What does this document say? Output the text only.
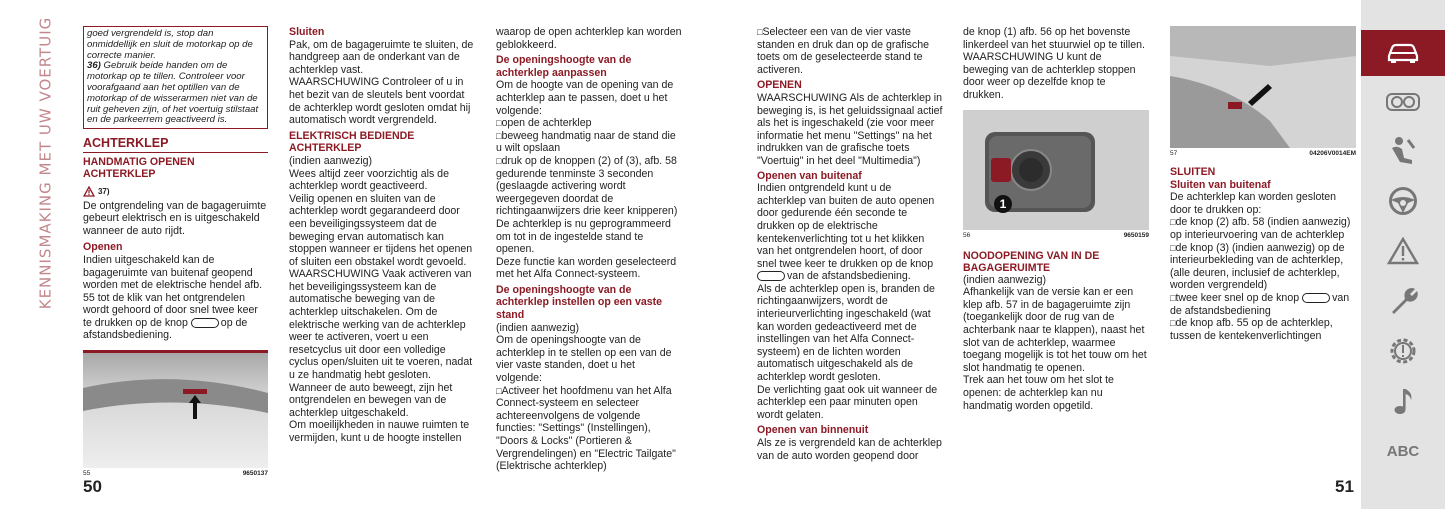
KENNISMAKING MET UW VOERTUIG	goed vergrendeld is, stop dan onmiddellijk en sluit de motorkap op de correcte manier.
36) Gebruik beide handen om de motorkap op te tillen. Controleer voor voorafgaand aan het optillen van de motorkap of de wisserarmen niet van de ruit geheven zijn, of het voertuig stilstaat en de parkeerrem geactiveerd is.
ACHTERKLEP
HANDMATIG OPENEN ACHTERKLEP
37)
De ontgrendeling van de bagageruimte gebeurt elektrisch en is uitgeschakeld wanneer de auto rijdt.
Openen
Indien uitgeschakeld kan de bagageruimte van buitenaf geopend worden met de elektrische hendel afb. 55 tot de klik van het ontgrendelen wordt gehoord of door snel twee keer te drukken op de knop	op de afstandsbediening.
55	9650137
Sluiten
Pak, om de bagageruimte te sluiten, de handgreep aan de onderkant van de achterklep vast.
WAARSCHUWING Controleer of u in het bezit van de sleutels bent voordat de achterklep wordt gesloten omdat hij automatisch wordt vergrendeld.
ELEKTRISCH BEDIENDE ACHTERKLEP
(indien aanwezig)
Wees altijd zeer voorzichtig als de achterklep wordt geactiveerd.
Veilig openen en sluiten van de achterklep wordt gegarandeerd door een beveiligingssysteem dat de beweging ervan automatisch kan stoppen wanneer er tijdens het openen of sluiten een obstakel wordt gevoeld.
WAARSCHUWING Vaak activeren van het beveiligingssysteem kan de automatische beweging van de achterklep uitschakelen. Om de elektrische werking van de achterklep weer te activeren, voert u een resetcyclus uit door een volledige cyclus open/sluiten uit te voeren, nadat u ze handmatig hebt gesloten.
Wanneer de auto beweegt, zijn het ontgrendelen en bewegen van de achterklep uitgeschakeld.
Om moeilijkheden in nauwe ruimten te vermijden, kunt u de hoogte instellen
waarop de open achterklep kan worden geblokkeerd.
De openingshoogte van de achterklep aanpassen
Om de hoogte van de opening van de achterklep aan te passen, doet u het volgende:
□ open de achterklep
□ beweeg handmatig naar de stand die u wilt opslaan
□ druk op de knoppen (2) of (3), afb. 58 gedurende tenminste 3 seconden (geslaagde activering wordt weergegeven doordat de richtingaanwijzers drie keer knipperen)
De achterklep is nu geprogrammeerd om tot in de ingestelde stand te openen.
Deze functie kan worden geselecteerd met het Alfa Connect-systeem.
De openingshoogte van de achterklep instellen op een vaste stand
(indien aanwezig)
Om de openingshoogte van de achterklep in te stellen op een van de vier vaste standen, doet u het volgende:
□ Activeer het hoofdmenu van het Alfa Connect-systeem en selecteer achtereenvolgens de volgende functies: "Settings" (Instellingen), "Doors & Locks" (Portieren & Vergrendelingen) en "Electric Tailgate" (Elektrische achterklep)
□ Selecteer een van de vier vaste standen en druk dan op de grafische toets om de geselecteerde stand te activeren.
OPENEN
WAARSCHUWING Als de achterklep in beweging is, is het geluidssignaal actief als het is ingeschakeld (zie voor meer informatie het menu "Settings" na het indrukken van de grafische toets "Voertuig" in het deel "Multimedia")
Openen van buitenaf
Indien ontgrendeld kunt u de achterklep van buiten de auto openen door gedurende één seconde te drukken op de elektrische kentekenverlichting tot u het klikken van het ontgrendelen hoort, of door snel twee keer te drukken op de knop van de afstandsbediening.
Als de achterklep open is, branden de richtingaanwijzers, wordt de interieurverlichting ingeschakeld (wat kan worden gedeactiveerd met de instellingen van het Alfa Connect-systeem) en de lichten worden automatisch uitgeschakeld als de achterklep wordt gesloten.
De verlichting gaat ook uit wanneer de achterklep een paar minuten open wordt gelaten.
Openen van binnenuit
Als ze is vergrendeld kan de achterklep van de auto worden geopend door
de knop (1) afb. 56 op het bovenste linkerdeel van het stuurwiel op te tillen.
WAARSCHUWING U kunt de beweging van de achterklep stoppen door weer op dezelfde knop te drukken.
1
56	9650159
NOODOPENING VAN IN DE BAGAGERUIMTE
(indien aanwezig)
Afhankelijk van de versie kan er een klep afb. 57 in de bagageruimte zijn (toegankelijk door de rug van de achterbank naar te klappen), naast het slot van de achterklep, waarmee toegang mogelijk is tot het touw om het slot handmatig te openen.
Trek aan het touw om het slot te openen: de achterklep kan nu handmatig worden opgetild.
57	04206V0014EM
SLUITEN
Sluiten van buitenaf
De achterklep kan worden gesloten door te drukken op:
□ de knop (2) afb. 58 (indien aanwezig) op interieurvoering van de achterklep
□ de knop (3) (indien aanwezig) op de interieurbekleding van de achterklep, (alle deuren, inclusief de achterklep, worden vergrendeld)
□ twee keer snel op de knop	van de afstandsbediening
□ de knop afb. 55 op de achterklep, tussen de kentekenverlichtingen
50	51
ABC
